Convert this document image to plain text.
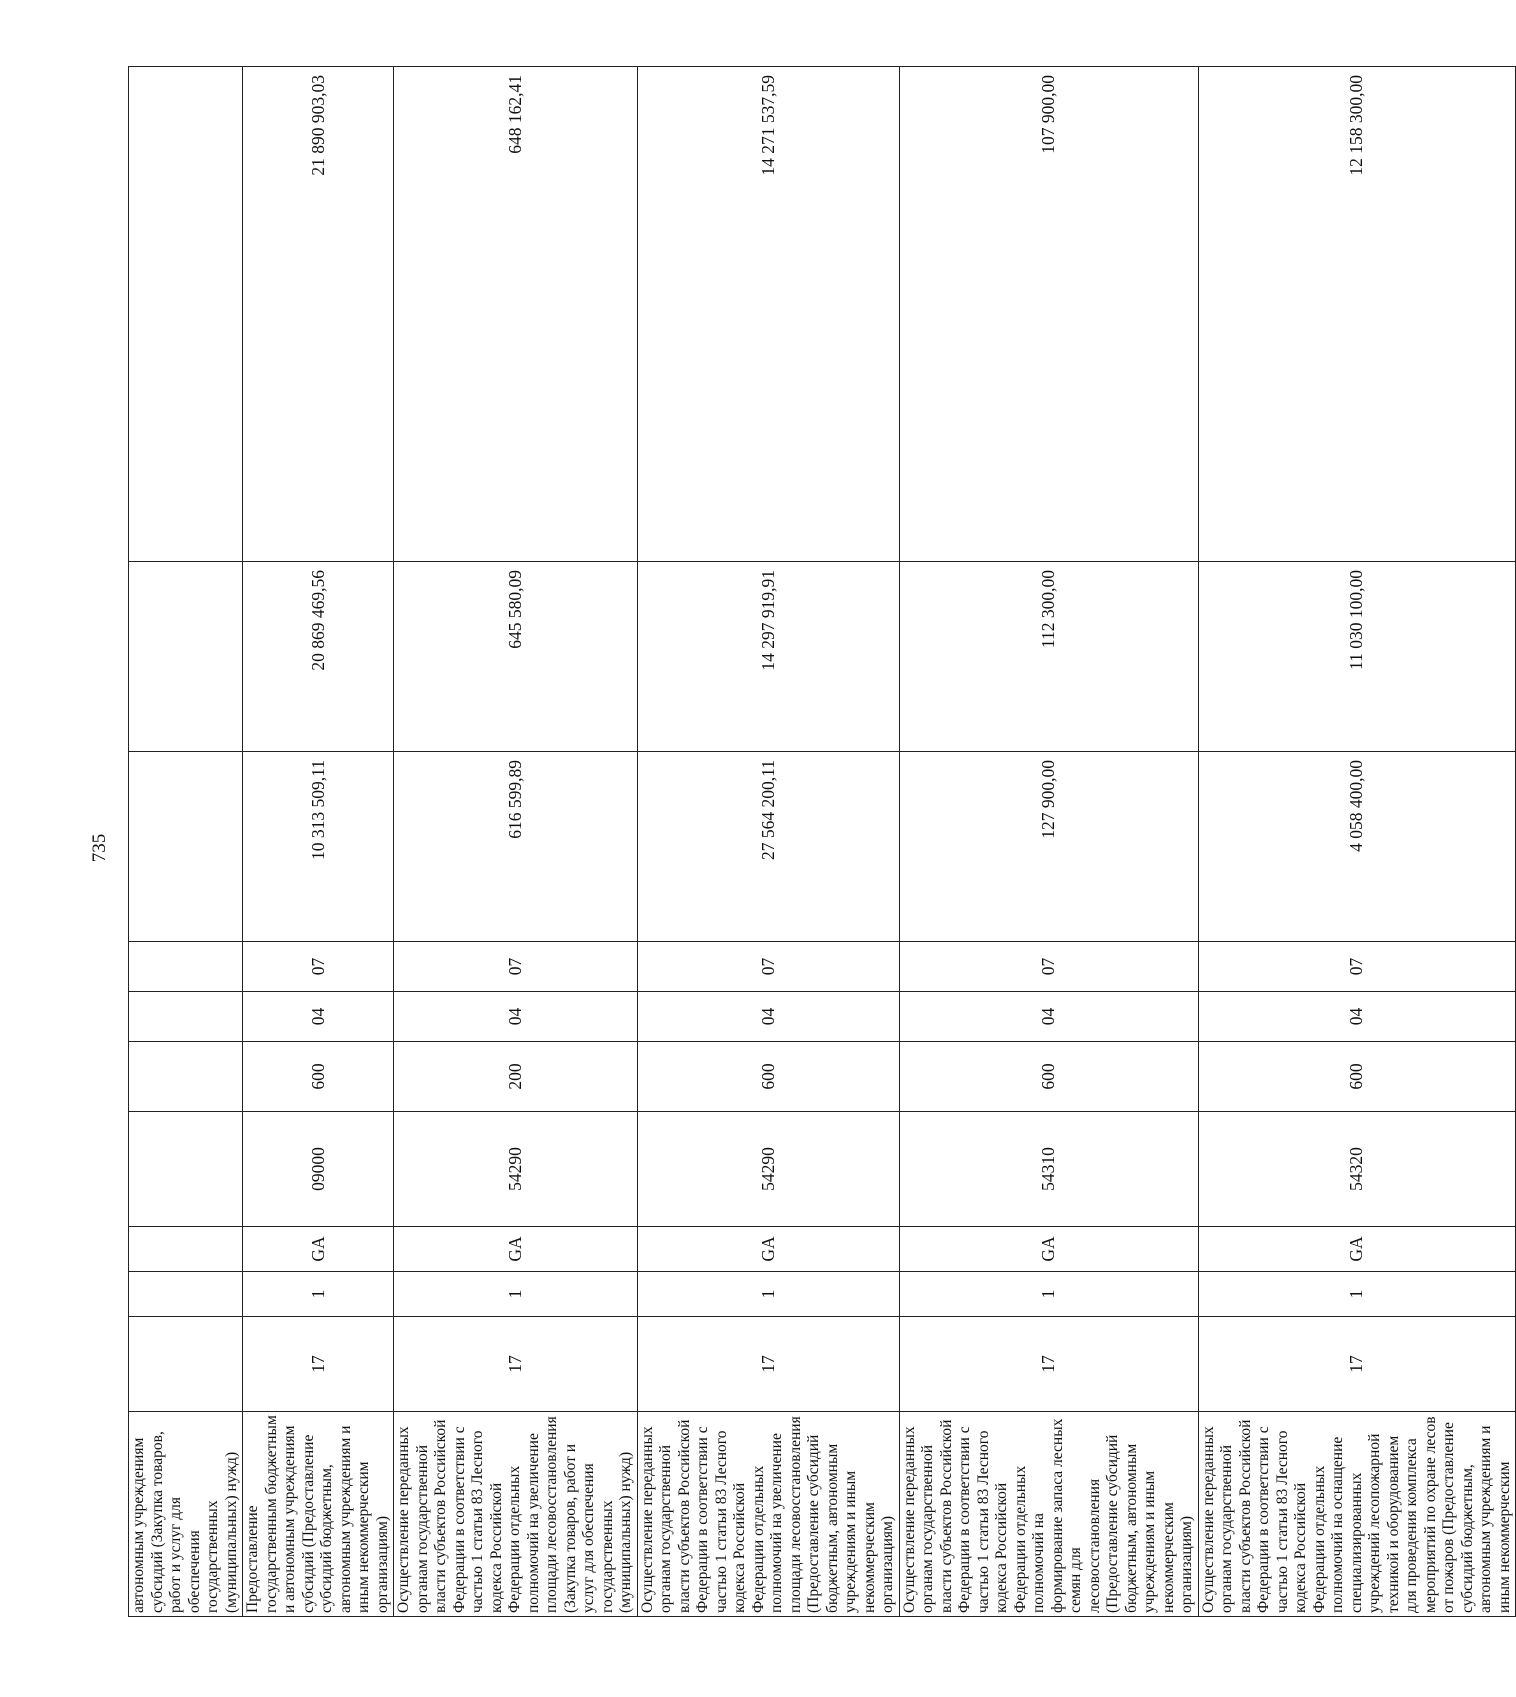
735
автономным учреждениям субсидий (Закупка товаров, работ и услуг для обеспечения государственных (муниципальных) нужд)										
Предоставление государственным бюджетным и автономным учреждениям субсидий (Предоставление субсидий бюджетным, автономным учреждениям и иным некоммерческим организациям)	17	1	GA	09000	600	04	07	10 313 509,11	20 869 469,56	21 890 903,03
Осуществление переданных органам государственной власти субъектов Российской Федерации в соответствии с частью 1 статьи 83 Лесного кодекса Российской Федерации отдельных полномочий на увеличение площади лесовосстановления (Закупка товаров, работ и услуг для обеспечения государственных (муниципальных) нужд)	17	1	GA	54290	200	04	07	616 599,89	645 580,09	648 162,41
Осуществление переданных органам государственной власти субъектов Российской Федерации в соответствии с частью 1 статьи 83 Лесного кодекса Российской Федерации отдельных полномочий на увеличение площади лесовосстановления (Предоставление субсидий бюджетным, автономным учреждениям и иным некоммерческим организациям)	17	1	GA	54290	600	04	07	27 564 200,11	14 297 919,91	14 271 537,59
Осуществление переданных органам государственной власти субъектов Российской Федерации в соответствии с частью 1 статьи 83 Лесного кодекса Российской Федерации отдельных полномочий на формирование запаса лесных семян для лесовосстановления (Предоставление субсидий бюджетным, автономным учреждениям и иным некоммерческим организациям)	17	1	GA	54310	600	04	07	127 900,00	112 300,00	107 900,00
Осуществление переданных органам государственной власти субъектов Российской Федерации в соответствии с частью 1 статьи 83 Лесного кодекса Российской Федерации отдельных полномочий на оснащение специализированных учреждений лесопожарной техникой и оборудованием для проведения комплекса мероприятий по охране лесов от пожаров (Предоставление субсидий бюджетным, автономным учреждениям и иным некоммерческим	17	1	GA	54320	600	04	07	4 058 400,00	11 030 100,00	12 158 300,00
